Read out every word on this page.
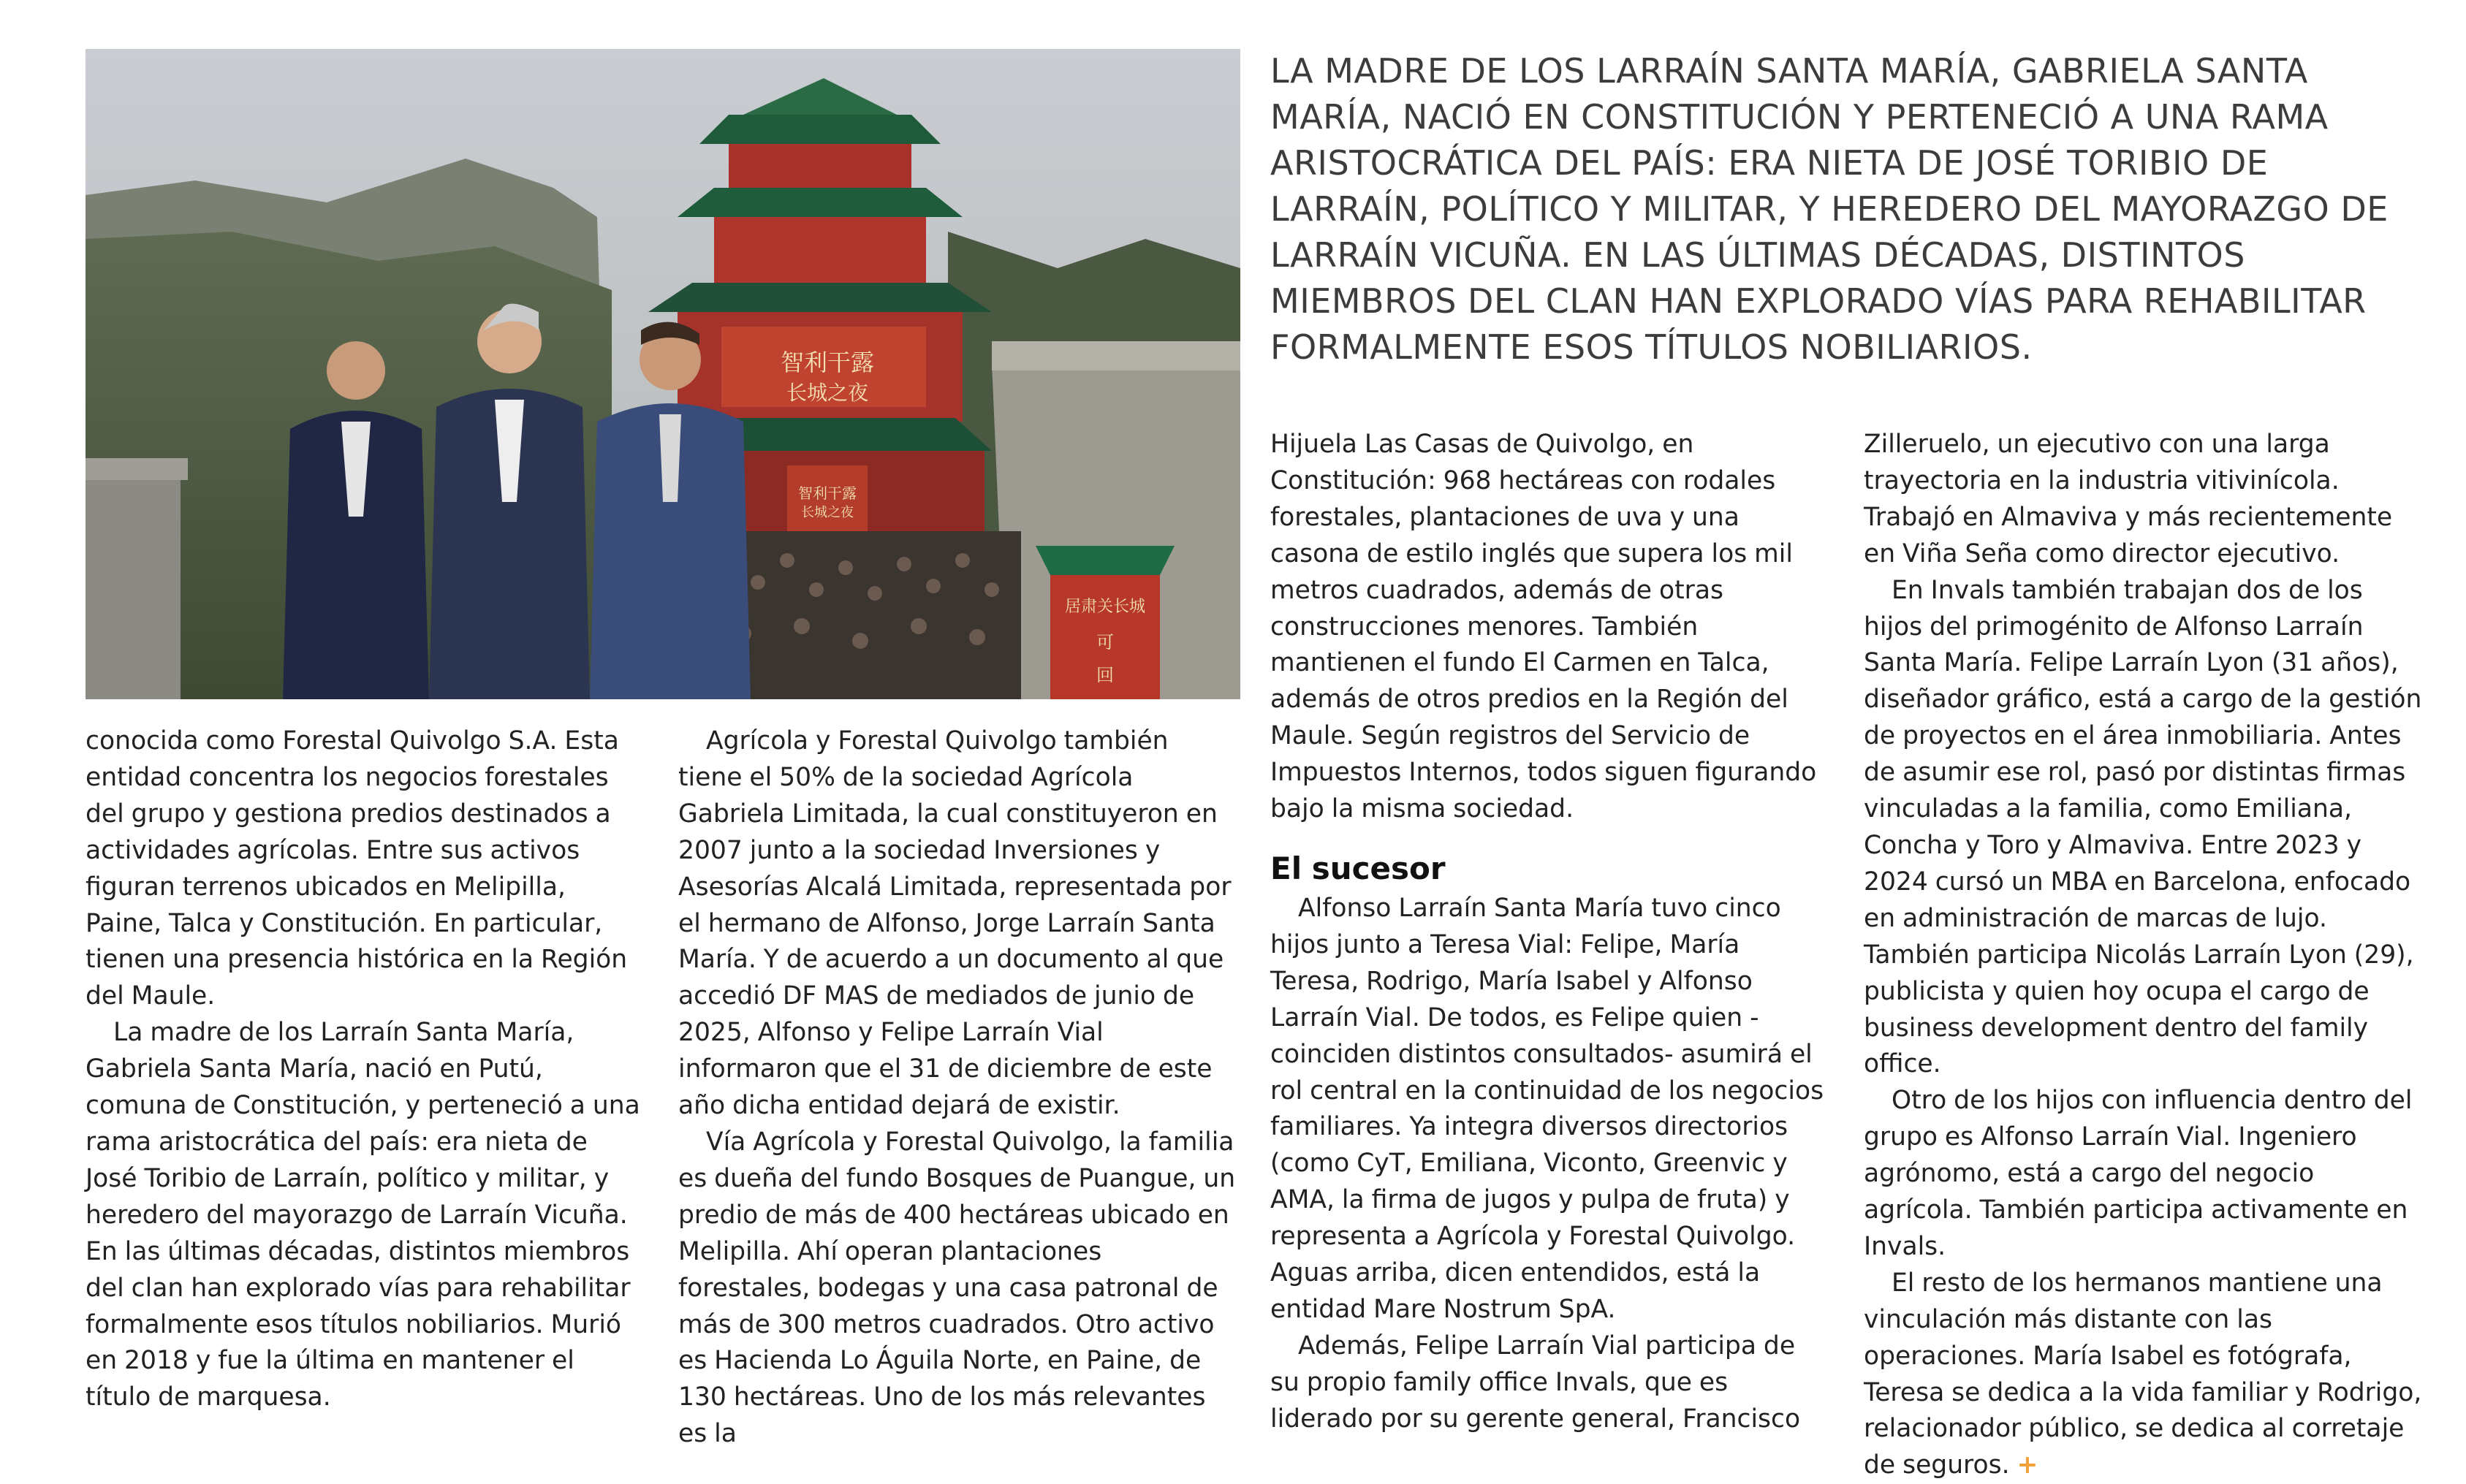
智利干露
长城之夜
智利干露
长城之夜
居肃关长城
可
回
LA MADRE DE LOS LARRAÍN SANTA MARÍA, GABRIELA SANTA MARÍA, NACIÓ EN CONSTITUCIÓN Y PERTENECIÓ A UNA RAMA ARISTOCRÁTICA DEL PAÍS: ERA NIETA DE JOSÉ TORIBIO DE LARRAÍN, POLÍTICO Y MILITAR, Y HEREDERO DEL MAYORAZGO DE LARRAÍN VICUÑA. EN LAS ÚLTIMAS DÉCADAS, DISTINTOS MIEMBROS DEL CLAN HAN EXPLORADO VÍAS PARA REHABILITAR FORMALMENTE ESOS TÍTULOS NOBILIARIOS.

conocida como Forestal Quivolgo S.A. Esta entidad concentra los negocios forestales del grupo y gestiona predios destinados a actividades agrícolas. Entre sus activos figuran terrenos ubicados en Melipilla, Paine, Talca y Constitución. En particular, tienen una presencia histórica en la Región del Maule.

La madre de los Larraín Santa María, Gabriela Santa María, nació en Putú, comuna de Constitución, y perteneció a una rama aristocrática del país: era nieta de José Toribio de Larraín, político y militar, y heredero del mayorazgo de Larraín Vicuña. En las últimas décadas, distintos miembros del clan han explorado vías para rehabilitar formalmente esos títulos nobiliarios. Murió en 2018 y fue la última en mantener el título de marquesa.

Agrícola y Forestal Quivolgo también tiene el 50% de la sociedad Agrícola Gabriela Limitada, la cual constituyeron en 2007 junto a la sociedad Inversiones y Asesorías Alcalá Limitada, representada por el hermano de Alfonso, Jorge Larraín Santa María. Y de acuerdo a un documento al que accedió DF MAS de mediados de junio de 2025, Alfonso y Felipe Larraín Vial informaron que el 31 de diciembre de este año dicha entidad dejará de existir.

Vía Agrícola y Forestal Quivolgo, la familia es dueña del fundo Bosques de Puangue, un predio de más de 400 hectáreas ubicado en Melipilla. Ahí operan plantaciones forestales, bodegas y una casa patronal de más de 300 metros cuadrados. Otro activo es Hacienda Lo Águila Norte, en Paine, de 130 hectáreas. Uno de los más relevantes es la

Hijuela Las Casas de Quivolgo, en Constitución: 968 hectáreas con rodales forestales, plantaciones de uva y una casona de estilo inglés que supera los mil metros cuadrados, además de otras construcciones menores. También mantienen el fundo El Carmen en Talca, además de otros predios en la Región del Maule. Según registros del Servicio de Impuestos Internos, todos siguen figurando bajo la misma sociedad.

El sucesor

Alfonso Larraín Santa María tuvo cinco hijos junto a Teresa Vial: Felipe, María Teresa, Rodrigo, María Isabel y Alfonso Larraín Vial. De todos, es Felipe quien -coinciden distintos consultados- asumirá el rol central en la continuidad de los negocios familiares. Ya integra diversos directorios (como CyT, Emiliana, Viconto, Greenvic y AMA, la firma de jugos y pulpa de fruta) y representa a Agrícola y Forestal Quivolgo. Aguas arriba, dicen entendidos, está la entidad Mare Nostrum SpA.

Además, Felipe Larraín Vial participa de su propio family office Invals, que es liderado por su gerente general, Francisco

Zilleruelo, un ejecutivo con una larga trayectoria en la industria vitivinícola. Trabajó en Almaviva y más recientemente en Viña Seña como director ejecutivo.

En Invals también trabajan dos de los hijos del primogénito de Alfonso Larraín Santa María. Felipe Larraín Lyon (31 años), diseñador gráfico, está a cargo de la gestión de proyectos en el área inmobiliaria. Antes de asumir ese rol, pasó por distintas firmas vinculadas a la familia, como Emiliana, Concha y Toro y Almaviva. Entre 2023 y 2024 cursó un MBA en Barcelona, enfocado en administración de marcas de lujo. También participa Nicolás Larraín Lyon (29), publicista y quien hoy ocupa el cargo de business development dentro del family office.

Otro de los hijos con influencia dentro del grupo es Alfonso Larraín Vial. Ingeniero agrónomo, está a cargo del negocio agrícola. También participa activamente en Invals.

El resto de los hermanos mantiene una vinculación más distante con las operaciones. María Isabel es fotógrafa, Teresa se dedica a la vida familiar y Rodrigo, relacionador público, se dedica al corretaje de seguros. +
